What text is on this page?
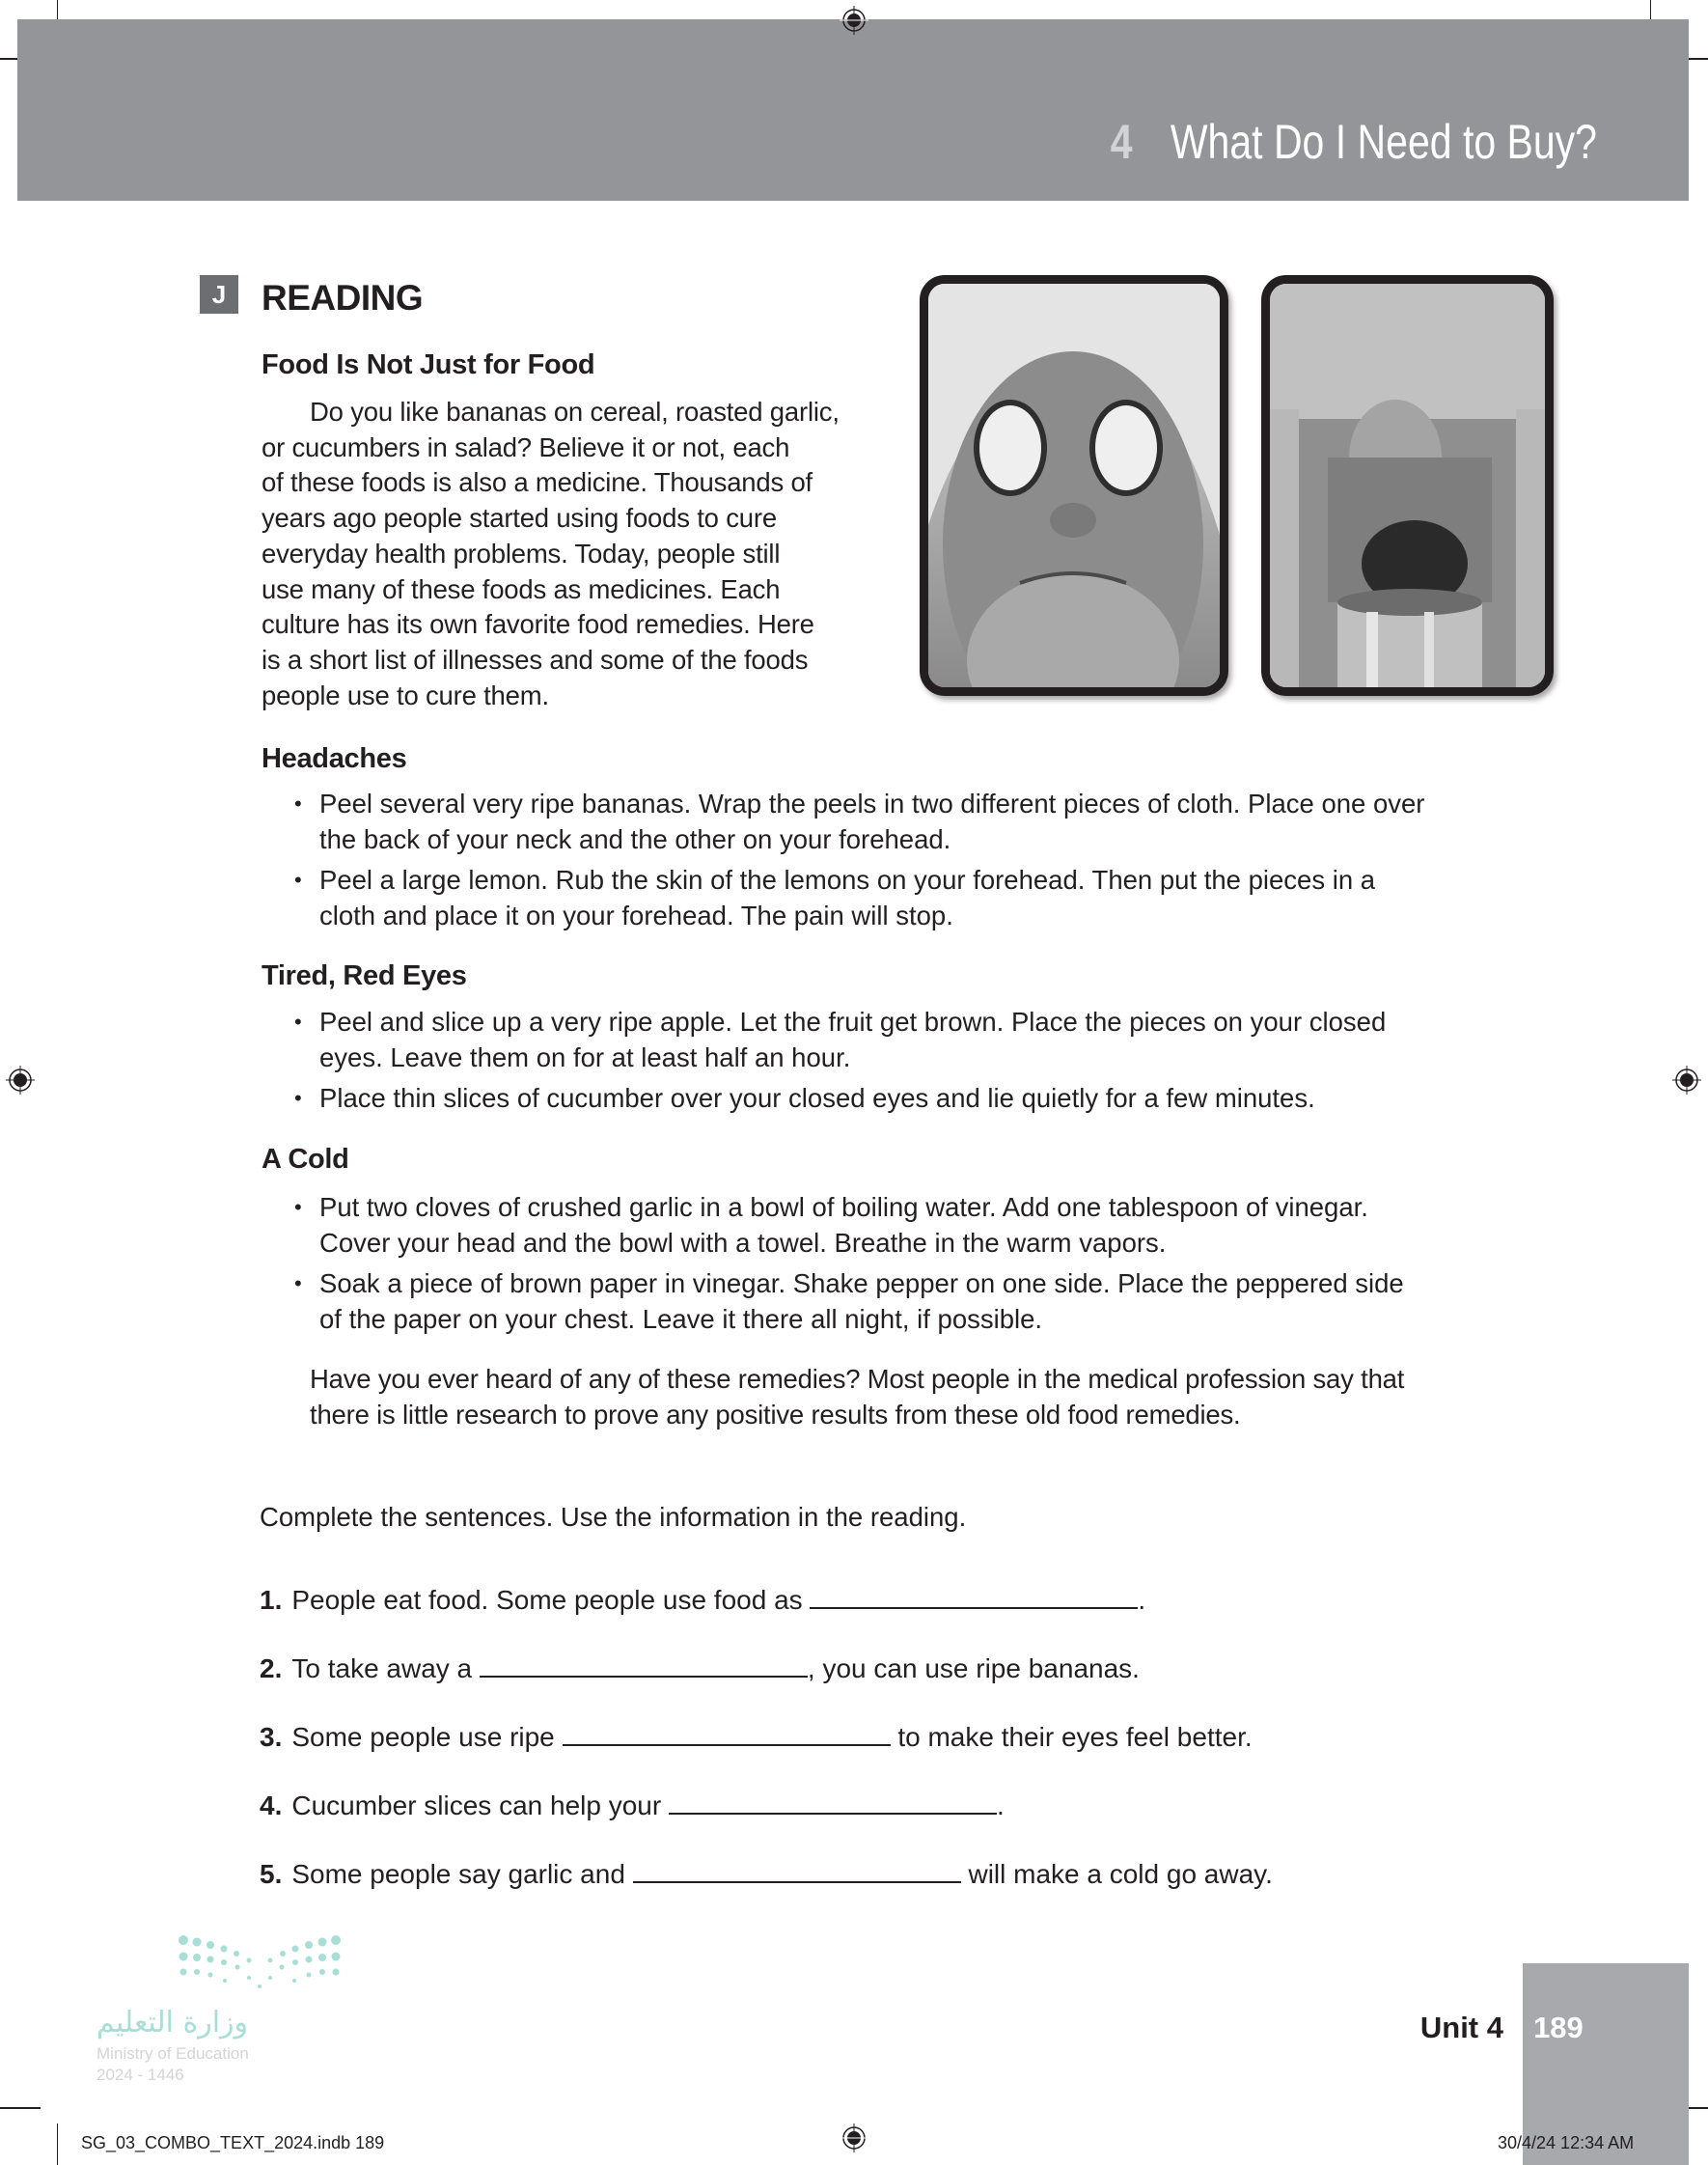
4 What Do I Need to Buy?
J READING
Food Is Not Just for Food
Do you like bananas on cereal, roasted garlic,
or cucumbers in salad? Believe it or not, each
of these foods is also a medicine. Thousands of
years ago people started using foods to cure
everyday health problems. Today, people still
use many of these foods as medicines. Each
culture has its own favorite food remedies. Here
is a short list of illnesses and some of the foods
people use to cure them.
Headaches
• Peel several very ripe bananas. Wrap the peels in two different pieces of cloth. Place one over
the back of your neck and the other on your forehead.
• Peel a large lemon. Rub the skin of the lemons on your forehead. Then put the pieces in a
cloth and place it on your forehead. The pain will stop.
Tired, Red Eyes
• Peel and slice up a very ripe apple. Let the fruit get brown. Place the pieces on your closed
eyes. Leave them on for at least half an hour.
• Place thin slices of cucumber over your closed eyes and lie quietly for a few minutes.
A Cold
• Put two cloves of crushed garlic in a bowl of boiling water. Add one tablespoon of vinegar.
Cover your head and the bowl with a towel. Breathe in the warm vapors.
• Soak a piece of brown paper in vinegar. Shake pepper on one side. Place the peppered side
of the paper on your chest. Leave it there all night, if possible.
Have you ever heard of any of these remedies? Most people in the medical profession say that
there is little research to prove any positive results from these old food remedies.
Complete the sentences. Use the information in the reading.
1. People eat food. Some people use food as	.
2. To take away a	, you can use ripe bananas.
3. Some people use ripe	to make their eyes feel better.
4. Cucumber slices can help your	.
5. Some people say garlic and	will make a cold go away.
وزارة التعليم
Ministry of Education
2024 - 1446
Unit 4 189
SG_03_COMBO_TEXT_2024.indb 189	30/4/24 12:34 AM
